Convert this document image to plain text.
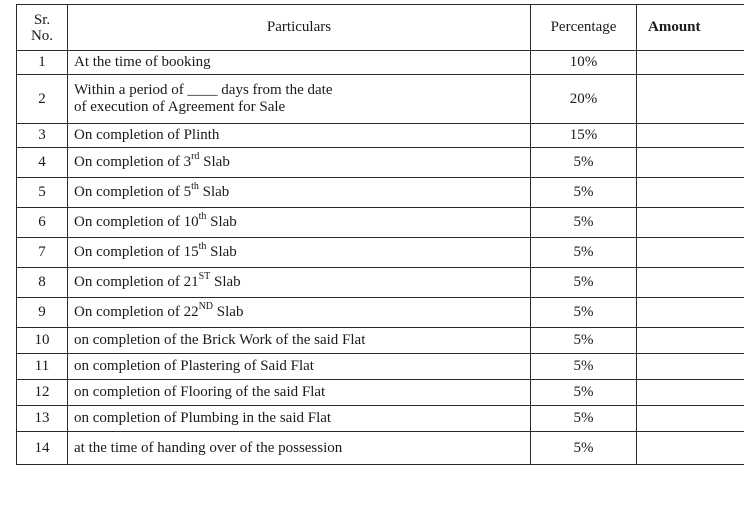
Sr.
No.	Particulars	Percentage	Amount
1	At the time of booking	10%	
2	Within a period of ____ days from the date
of execution of Agreement for Sale	20%	
3	On completion of Plinth	15%	
4	On completion of 3rd Slab	5%	
5	On completion of 5th Slab	5%	
6	On completion of 10th Slab	5%	
7	On completion of 15th Slab	5%	
8	On completion of 21ST Slab	5%	
9	On completion of 22ND Slab	5%	
10	on completion of the Brick Work of the said Flat	5%	
11	on completion of Plastering of Said Flat	5%	
12	on completion of Flooring of the said Flat	5%	
13	on completion of Plumbing in the said Flat	5%	
14	at the time of handing over of the possession	5%	
